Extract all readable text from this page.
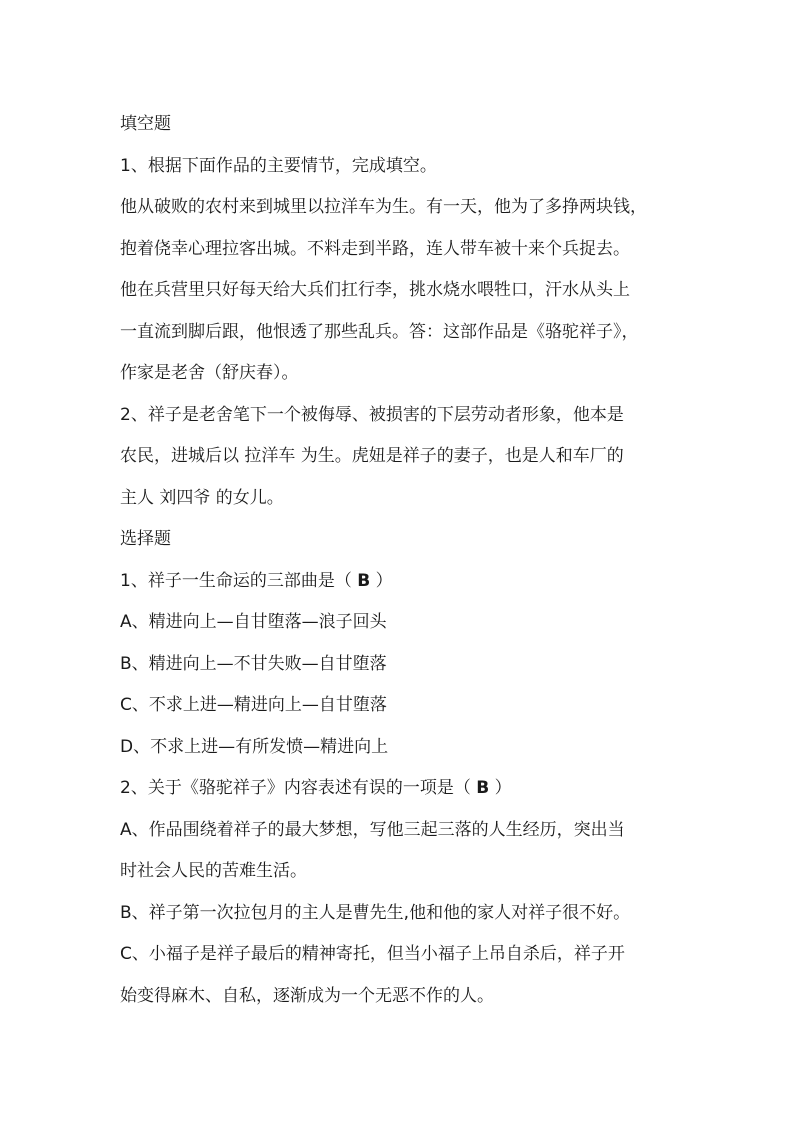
填空题
1、根据下面作品的主要情节，完成填空。
他从破败的农村来到城里以拉洋车为生。有一天，他为了多挣两块钱，
抱着侥幸心理拉客出城。不料走到半路，连人带车被十来个兵捉去。
他在兵营里只好每天给大兵们扛行李，挑水烧水喂牲口，汗水从头上
一直流到脚后跟，他恨透了那些乱兵。答：这部作品是《骆驼祥子》，
作家是老舍（舒庆春）。
2、祥子是老舍笔下一个被侮辱、被损害的下层劳动者形象，他本是
农民，进城后以 拉洋车 为生。虎妞是祥子的妻子，也是人和车厂的
主人 刘四爷 的女儿。
选择题
1、祥子一生命运的三部曲是（ B ）
A、精进向上—自甘堕落—浪子回头
B、精进向上—不甘失败—自甘堕落
C、不求上进—精进向上—自甘堕落
D、不求上进—有所发愤—精进向上
2、关于《骆驼祥子》内容表述有误的一项是（ B ）
A、作品围绕着祥子的最大梦想，写他三起三落的人生经历，突出当
时社会人民的苦难生活。
B、祥子第一次拉包月的主人是曹先生,他和他的家人对祥子很不好。
C、小福子是祥子最后的精神寄托，但当小福子上吊自杀后，祥子开
始变得麻木、自私，逐渐成为一个无恶不作的人。
